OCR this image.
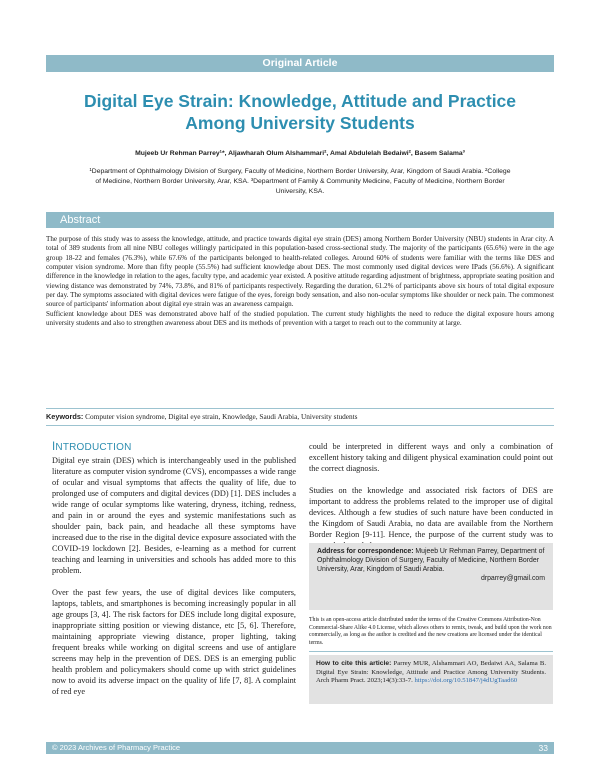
Original Article
Digital Eye Strain: Knowledge, Attitude and Practice
Among University Students
Mujeeb Ur Rehman Parrey¹*, Aljawharah Olum Alshammari², Amal Abdulelah Bedaiwi², Basem Salama³
¹Department of Ophthalmology Division of Surgery, Faculty of Medicine, Northern Border University, Arar, Kingdom of Saudi Arabia. ²College
of Medicine, Northern Border University, Arar, KSA. ³Department of Family & Community Medicine, Faculty of Medicine, Northern Border
University, KSA.
Abstract

The purpose of this study was to assess the knowledge, attitude, and practice towards digital eye strain (DES) among Northern Border University (NBU) students in Arar city. A total of 389 students from all nine NBU colleges willingly participated in this population-based cross-sectional study. The majority of the participants (65.6%) were in the age group 18-22 and females (76.3%), while 67.6% of the participants belonged to health-related colleges. Around 60% of students were familiar with the terms like DES and computer vision syndrome. More than fifty people (55.5%) had sufficient knowledge about DES. The most commonly used digital devices were IPads (56.6%). A significant difference in the knowledge in relation to the ages, faculty type, and academic year existed. A positive attitude regarding adjustment of brightness, appropriate seating position and viewing distance was demonstrated by 74%, 73.8%, and 81% of participants respectively. Regarding the duration, 61.2% of participants above six hours of total digital exposure per day. The symptoms associated with digital devices were fatigue of the eyes, foreign body sensation, and also non-ocular symptoms like shoulder or neck pain. The commonest source of participants' information about digital eye strain was an awareness campaign.

Sufficient knowledge about DES was demonstrated above half of the studied population. The current study highlights the need to reduce the digital exposure hours among university students and also to strengthen awareness about DES and its methods of prevention with a target to reach out to the community at large.

Keywords: Computer vision syndrome, Digital eye strain, Knowledge, Saudi Arabia, University students
INTRODUCTION

Digital eye strain (DES) which is interchangeably used in the published literature as computer vision syndrome (CVS), encompasses a wide range of ocular and visual symptoms that affects the quality of life, due to prolonged use of computers and digital devices (DD) [1]. DES includes a wide range of ocular symptoms like watering, dryness, itching, redness, and pain in or around the eyes and systemic manifestations such as shoulder pain, back pain, and headache all these symptoms have increased due to the rise in the digital device exposure associated with the COVID-19 lockdown [2]. Besides, e-learning as a method for current teaching and learning in universities and schools has added more to this problem.

Over the past few years, the use of digital devices like computers, laptops, tablets, and smartphones is becoming increasingly popular in all age groups [3, 4]. The risk factors for DES include long digital exposure, inappropriate sitting position or viewing distance, etc [5, 6]. Therefore, maintaining appropriate viewing distance, proper lighting, taking frequent breaks while working on digital screens and use of antiglare screens may help in the prevention of DES. DES is an emerging public health problem and policymakers should come up with strict guidelines now to avoid its adverse impact on the quality of life [7, 8]. A complaint of red eye

could be interpreted in different ways and only a combination of excellent history taking and diligent physical examination could point out the correct diagnosis.

Studies on the knowledge and associated risk factors of DES are important to address the problems related to the improper use of digital devices. Although a few studies of such nature have been conducted in the Kingdom of Saudi Arabia, no data are available from the Northern Border Region [9-11]. Hence, the purpose of the current study was to

Address for correspondence: Mujeeb Ur Rehman Parrey, Department of Ophthalmology Division of Surgery, Faculty of Medicine, Northern Border University, Arar, Kingdom of Saudi Arabia.
drparrey@gmail.com
This is an open-access article distributed under the terms of the Creative Commons Attribution-Non Commercial-Share Alike 4.0 License, which allows others to remix, tweak, and build upon the work non commercially, as long as the author is credited and the new creations are licensed under the identical terms.
How to cite this article: Parrey MUR, Alshammari AO, Bedaiwi AA, Salama B. Digital Eye Strain: Knowledge, Attitude and Practice Among University Students. Arch Pharm Pract. 2023;14(3):33-7. https://doi.org/10.51847/j4dUgTaad60
© 2023 Archives of Pharmacy Practice	33
